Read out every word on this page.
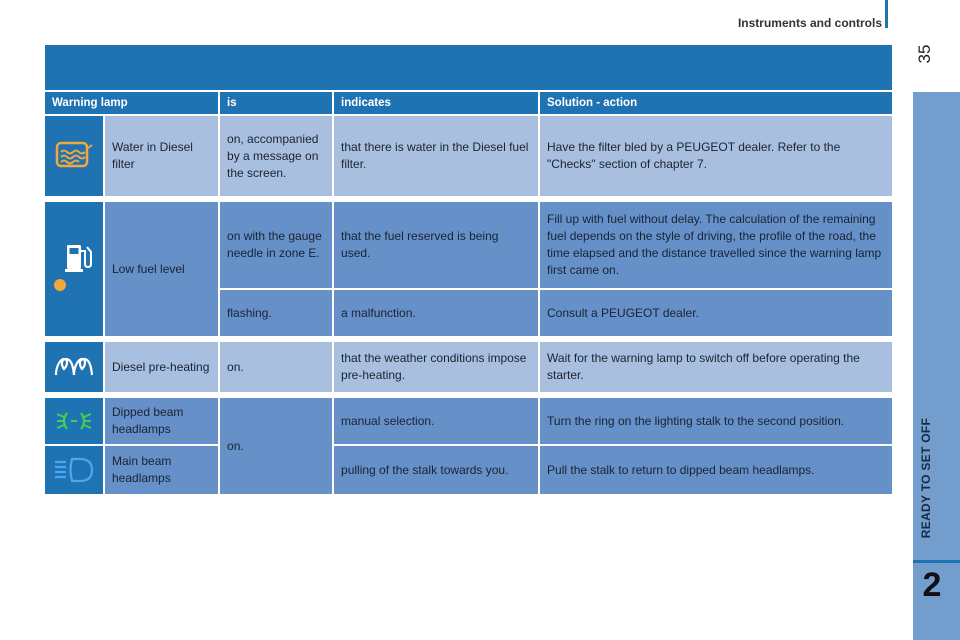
Instruments and controls
35
READY TO SET OFF
2
Warning lamp		is	indicates	Solution - action

	Water in Diesel filter	on, accompanied by a message on the screen.	that there is water in the Diesel fuel filter.	Have the filter bled by a PEUGEOT dealer. Refer to the "Checks" section of chapter 7.

	Low fuel level	on with the gauge needle in zone E.	that the fuel reserved is being used.	Fill up with fuel without delay. The calculation of the remaining fuel depends on the style of driving, the profile of the road, the time elapsed and the distance travelled since the warning lamp first came on.
		flashing.	a malfunction.	Consult a PEUGEOT dealer.

	Diesel pre-heating	on.	that the weather conditions impose pre-heating.	Wait for the warning lamp to switch off before operating the starter.

	Dipped beam headlamps	on.	manual selection.	Turn the ring on the lighting stalk to the second position.

	Main beam headlamps		pulling of the stalk towards you.	Pull the stalk to return to dipped beam headlamps.
